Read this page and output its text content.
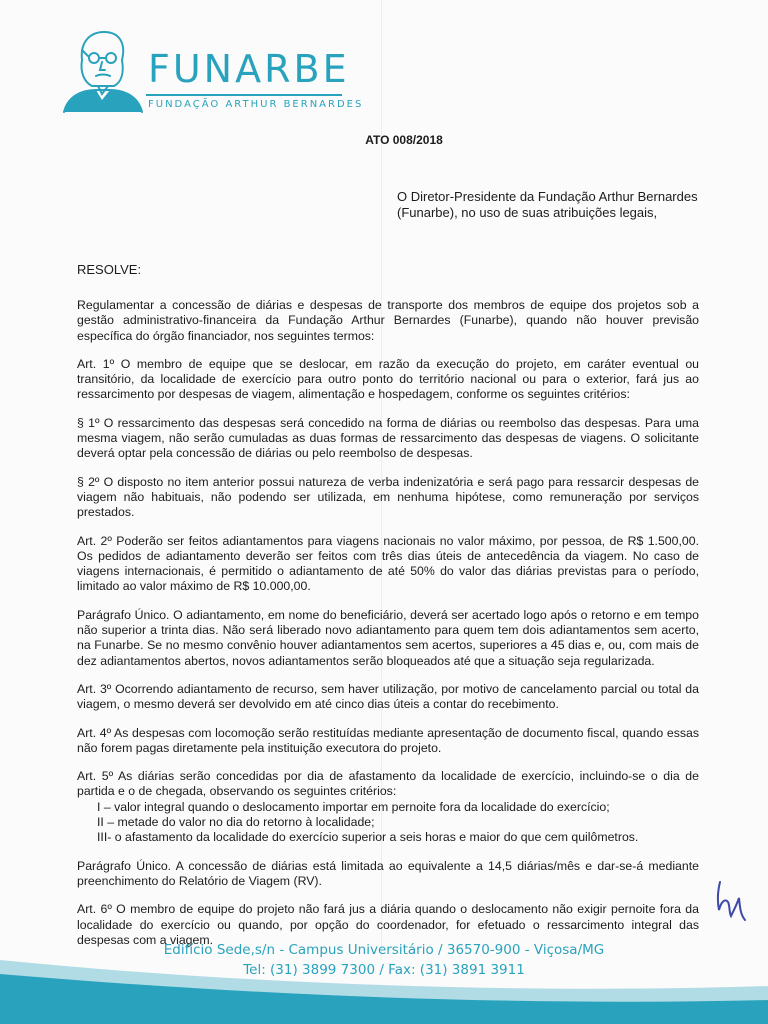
FUNARBE
FUNDAÇÃO ARTHUR BERNARDES
ATO 008/2018
O Diretor-Presidente da Fundação Arthur Bernardes (Funarbe), no uso de suas atribuições legais,
RESOLVE:

Regulamentar a concessão de diárias e despesas de transporte dos membros de equipe dos projetos sob a gestão administrativo-financeira da Fundação Arthur Bernardes (Funarbe), quando não houver previsão específica do órgão financiador, nos seguintes termos:

Art. 1º O membro de equipe que se deslocar, em razão da execução do projeto, em caráter eventual ou transitório, da localidade de exercício para outro ponto do território nacional ou para o exterior, fará jus ao ressarcimento por despesas de viagem, alimentação e hospedagem, conforme os seguintes critérios:

§ 1º O ressarcimento das despesas será concedido na forma de diárias ou reembolso das despesas. Para uma mesma viagem, não serão cumuladas as duas formas de ressarcimento das despesas de viagens. O solicitante deverá optar pela concessão de diárias ou pelo reembolso de despesas.

§ 2º O disposto no item anterior possui natureza de verba indenizatória e será pago para ressarcir despesas de viagem não habituais, não podendo ser utilizada, em nenhuma hipótese, como remuneração por serviços prestados.

Art. 2º Poderão ser feitos adiantamentos para viagens nacionais no valor máximo, por pessoa, de R$ 1.500,00. Os pedidos de adiantamento deverão ser feitos com três dias úteis de antecedência da viagem. No caso de viagens internacionais, é permitido o adiantamento de até 50% do valor das diárias previstas para o período, limitado ao valor máximo de R$ 10.000,00.

Parágrafo Único. O adiantamento, em nome do beneficiário, deverá ser acertado logo após o retorno e em tempo não superior a trinta dias. Não será liberado novo adiantamento para quem tem dois adiantamentos sem acerto, na Funarbe. Se no mesmo convênio houver adiantamentos sem acertos, superiores a 45 dias e, ou, com mais de dez adiantamentos abertos, novos adiantamentos serão bloqueados até que a situação seja regularizada.

Art. 3º Ocorrendo adiantamento de recurso, sem haver utilização, por motivo de cancelamento parcial ou total da viagem, o mesmo deverá ser devolvido em até cinco dias úteis a contar do recebimento.

Art. 4º As despesas com locomoção serão restituídas mediante apresentação de documento fiscal, quando essas não forem pagas diretamente pela instituição executora do projeto.

Art. 5º As diárias serão concedidas por dia de afastamento da localidade de exercício, incluindo-se o dia de partida e o de chegada, observando os seguintes critérios:
I – valor integral quando o deslocamento importar em pernoite fora da localidade do exercício;
II – metade do valor no dia do retorno à localidade;
III- o afastamento da localidade do exercício superior a seis horas e maior do que cem quilômetros.

Parágrafo Único. A concessão de diárias está limitada ao equivalente a 14,5 diárias/mês e dar-se-á mediante preenchimento do Relatório de Viagem (RV).

Art. 6º O membro de equipe do projeto não fará jus a diária quando o deslocamento não exigir pernoite fora da localidade do exercício ou quando, por opção do coordenador, for efetuado o ressarcimento integral das despesas com a viagem.

Edifício Sede,s/n - Campus Universitário / 36570-900 - Viçosa/MG
Tel: (31) 3899 7300 / Fax: (31) 3891 3911
